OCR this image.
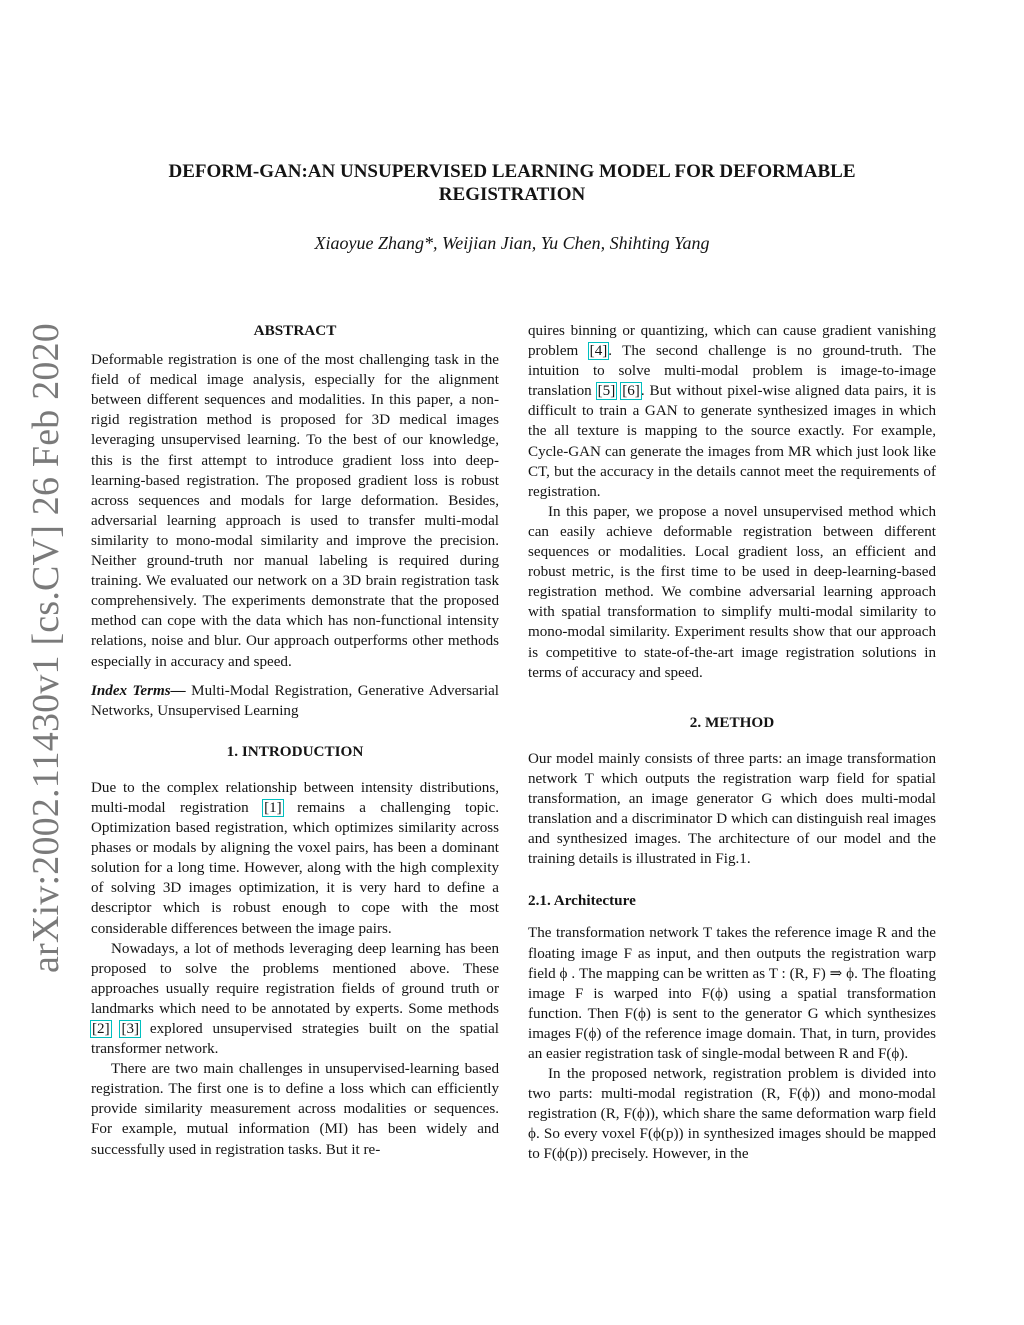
arXiv:2002.11430v1 [cs.CV] 26 Feb 2020
DEFORM-GAN:AN UNSUPERVISED LEARNING MODEL FOR DEFORMABLE
REGISTRATION
Xiaoyue Zhang*, Weijian Jian, Yu Chen, Shihting Yang
ABSTRACT

Deformable registration is one of the most challenging task in the field of medical image analysis, especially for the alignment between different sequences and modalities. In this paper, a non-rigid registration method is proposed for 3D medical images leveraging unsupervised learning. To the best of our knowledge, this is the first attempt to introduce gradient loss into deep-learning-based registration. The proposed gradient loss is robust across sequences and modals for large deformation. Besides, adversarial learning approach is used to transfer multi-modal similarity to mono-modal similarity and improve the precision. Neither ground-truth nor manual labeling is required during training. We evaluated our network on a 3D brain registration task comprehensively. The experiments demonstrate that the proposed method can cope with the data which has non-functional intensity relations, noise and blur. Our approach outperforms other methods especially in accuracy and speed.

Index Terms— Multi-Modal Registration, Generative Adversarial Networks, Unsupervised Learning

1. INTRODUCTION

Due to the complex relationship between intensity distributions, multi-modal registration [1] remains a challenging topic. Optimization based registration, which optimizes similarity across phases or modals by aligning the voxel pairs, has been a dominant solution for a long time. However, along with the high complexity of solving 3D images optimization, it is very hard to define a descriptor which is robust enough to cope with the most considerable differences between the image pairs.

Nowadays, a lot of methods leveraging deep learning has been proposed to solve the problems mentioned above. These approaches usually require registration fields of ground truth or landmarks which need to be annotated by experts. Some methods [2] [3] explored unsupervised strategies built on the spatial transformer network.

There are two main challenges in unsupervised-learning based registration. The first one is to define a loss which can efficiently provide similarity measurement across modalities or sequences. For example, mutual information (MI) has been widely and successfully used in registration tasks. But it re-

quires binning or quantizing, which can cause gradient vanishing problem [4]. The second challenge is no ground-truth. The intuition to solve multi-modal problem is image-to-image translation [5] [6]. But without pixel-wise aligned data pairs, it is difficult to train a GAN to generate synthesized images in which the all texture is mapping to the source exactly. For example, Cycle-GAN can generate the images from MR which just look like CT, but the accuracy in the details cannot meet the requirements of registration.

In this paper, we propose a novel unsupervised method which can easily achieve deformable registration between different sequences or modalities. Local gradient loss, an efficient and robust metric, is the first time to be used in deep-learning-based registration method. We combine adversarial learning approach with spatial transformation to simplify multi-modal similarity to mono-modal similarity. Experiment results show that our approach is competitive to state-of-the-art image registration solutions in terms of accuracy and speed.

2. METHOD

Our model mainly consists of three parts: an image transformation network T which outputs the registration warp field for spatial transformation, an image generator G which does multi-modal translation and a discriminator D which can distinguish real images and synthesized images. The architecture of our model and the training details is illustrated in Fig.1.

2.1. Architecture

The transformation network T takes the reference image R and the floating image F as input, and then outputs the registration warp field ϕ . The mapping can be written as T : (R, F) ⇒ ϕ. The floating image F is warped into F(ϕ) using a spatial transformation function. Then F(ϕ) is sent to the generator G which synthesizes images F(ϕ) of the reference image domain. That, in turn, provides an easier registration task of single-modal between R and F(ϕ).

In the proposed network, registration problem is divided into two parts: multi-modal registration (R, F(ϕ)) and mono-modal registration (R, F(ϕ)), which share the same deformation warp field ϕ. So every voxel F(ϕ(p)) in synthesized images should be mapped to F(ϕ(p)) precisely. However, in the
